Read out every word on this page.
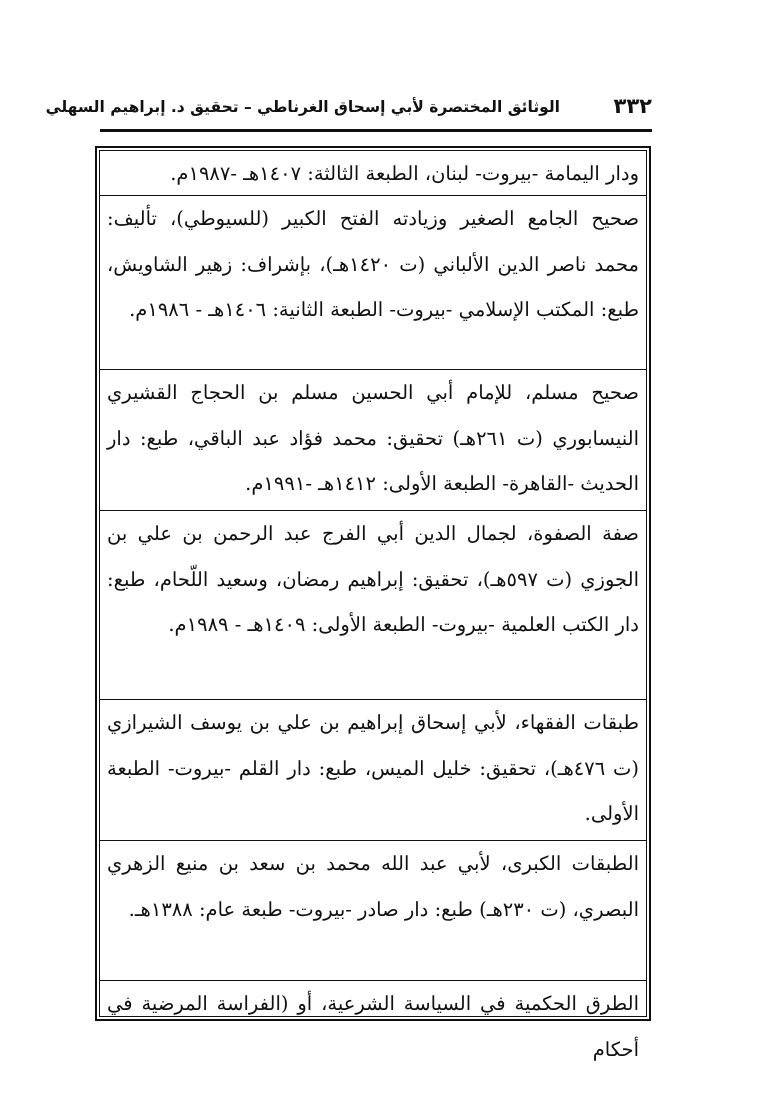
٣٣٢
الوثائق المختصرة لأبي إسحاق الغرناطي – تحقيق د. إبراهيم السهلي

ودار اليمامة -بيروت- لبنان، الطبعة الثالثة: ١٤٠٧هـ -١٩٨٧م.

صحيح الجامع الصغير وزيادته الفتح الكبير (للسيوطي)، تأليف: محمد ناصر الدين الألباني (ت ١٤٢٠هـ)، بإشراف: زهير الشاويش، طبع: المكتب الإسلامي -بيروت- الطبعة الثانية: ١٤٠٦هـ - ١٩٨٦م.

صحيح مسلم، للإمام أبي الحسين مسلم بن الحجاج القشيري النيسابوري (ت ٢٦١هـ) تحقيق: محمد فؤاد عبد الباقي، طبع: دار الحديث -القاهرة- الطبعة الأولى: ١٤١٢هـ -١٩٩١م.

صفة الصفوة، لجمال الدين أبي الفرج عبد الرحمن بن علي بن الجوزي (ت ٥٩٧هـ)، تحقيق: إبراهيم رمضان، وسعيد اللّحام، طبع: دار الكتب العلمية -بيروت- الطبعة الأولى: ١٤٠٩هـ - ١٩٨٩م.

طبقات الفقهاء، لأبي إسحاق إبراهيم بن علي بن يوسف الشيرازي (ت ٤٧٦هـ)، تحقيق: خليل الميس، طبع: دار القلم -بيروت- الطبعة الأولى.

الطبقات الكبرى، لأبي عبد الله محمد بن سعد بن منيع الزهري البصري، (ت ٢٣٠هـ) طبع: دار صادر -بيروت- طبعة عام: ١٣٨٨هـ.

الطرق الحكمية في السياسة الشرعية، أو (الفراسة المرضية في أحكام
